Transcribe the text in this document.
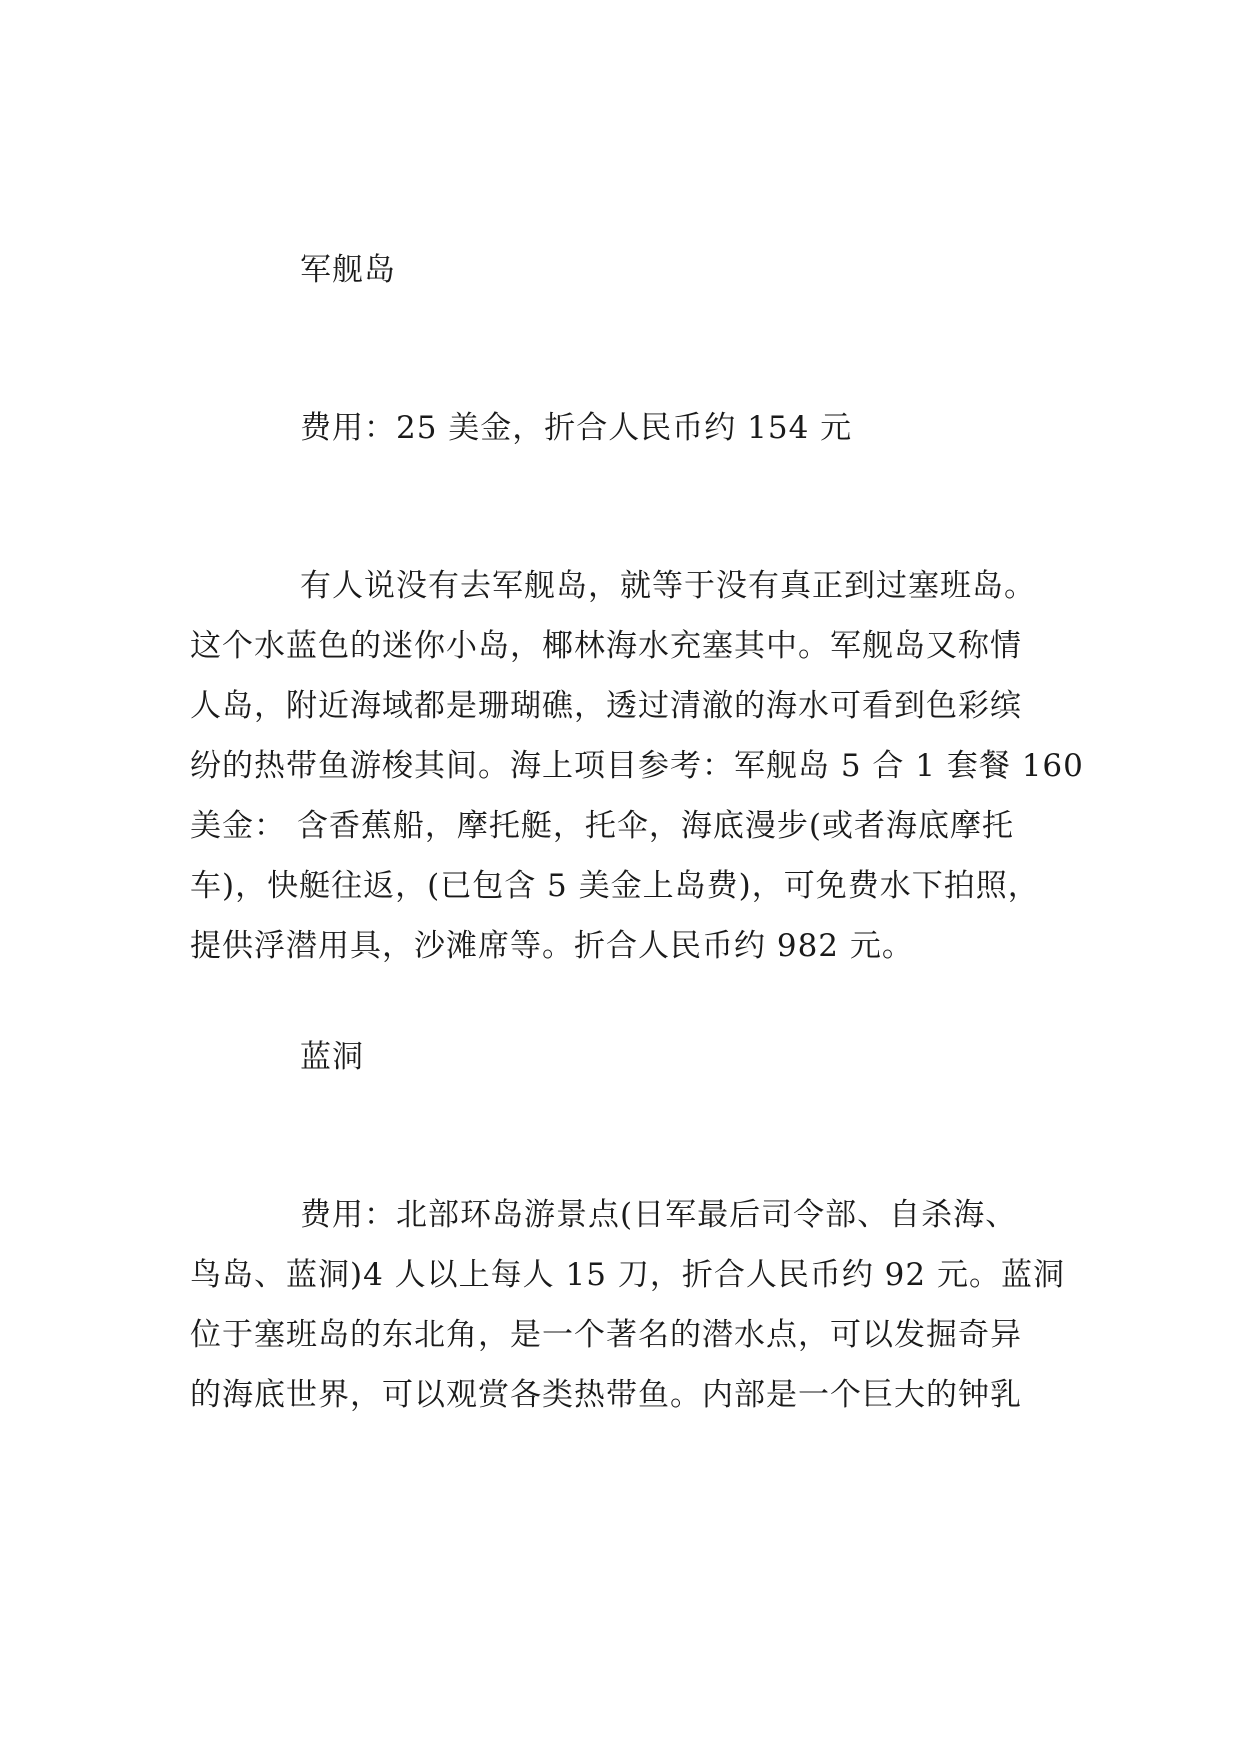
军舰岛

费用：25 美金，折合人民币约 154 元

有人说没有去军舰岛，就等于没有真正到过塞班岛。
这个水蓝色的迷你小岛，椰林海水充塞其中。军舰岛又称情
人岛，附近海域都是珊瑚礁，透过清澈的海水可看到色彩缤
纷的热带鱼游梭其间。海上项目参考：军舰岛 5 合 1 套餐 160
美金： 含香蕉船，摩托艇，托伞，海底漫步(或者海底摩托
车)，快艇往返，(已包含 5 美金上岛费)，可免费水下拍照，
提供浮潜用具，沙滩席等。折合人民币约 982 元。

蓝洞

费用：北部环岛游景点(日军最后司令部、自杀海、
鸟岛、蓝洞)4 人以上每人 15 刀，折合人民币约 92 元。蓝洞
位于塞班岛的东北角，是一个著名的潜水点，可以发掘奇异
的海底世界，可以观赏各类热带鱼。内部是一个巨大的钟乳
